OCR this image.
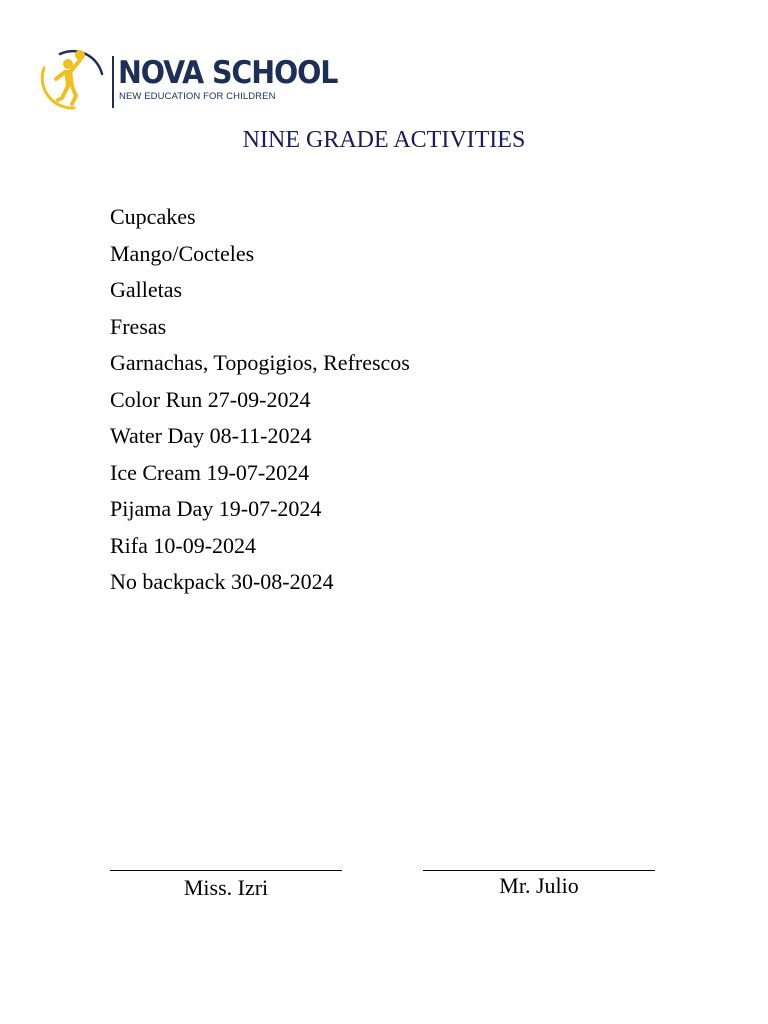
NOVA SCHOOL
NEW EDUCATION FOR CHILDREN
NINE GRADE ACTIVITIES
Cupcakes
Mango/Cocteles
Galletas
Fresas
Garnachas, Topogigios, Refrescos
Color Run 27-09-2024
Water Day 08-11-2024
Ice Cream 19-07-2024
Pijama Day 19-07-2024
Rifa 10-09-2024
No backpack 30-08-2024
Miss. Izri	Mr. Julio
